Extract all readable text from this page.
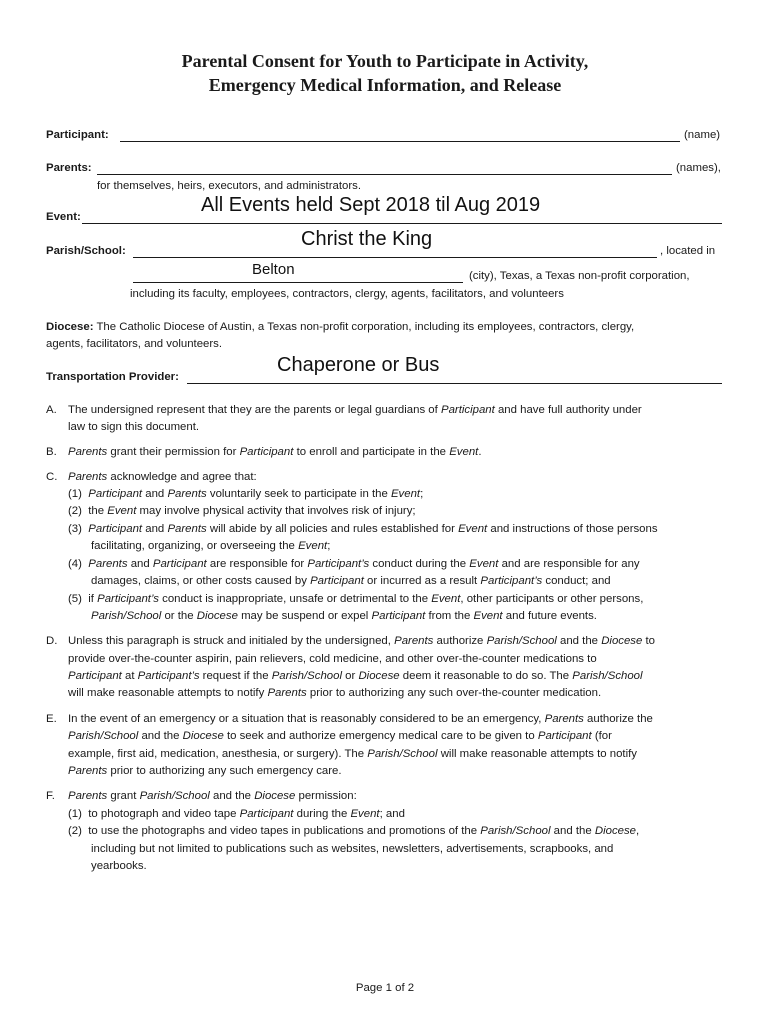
Parental Consent for Youth to Participate in Activity,
Emergency Medical Information, and Release
Participant:	(name)
Parents:	(names),
for themselves, heirs, executors, and administrators.
Event:
All Events held Sept 2018 til Aug 2019
Parish/School:
Christ the King
, located in
Belton	(city), Texas, a Texas non-profit corporation,
including its faculty, employees, contractors, clergy, agents, facilitators, and volunteers
Diocese: The Catholic Diocese of Austin, a Texas non-profit corporation, including its employees, contractors, clergy,
agents, facilitators, and volunteers.
Transportation Provider:
Chaperone or Bus
A. The undersigned represent that they are the parents or legal guardians of Participant and have full authority under
law to sign this document.
B. Parents grant their permission for Participant to enroll and participate in the Event.
C. Parents acknowledge and agree that:
(1)  Participant and Parents voluntarily seek to participate in the Event;
(2)  the Event may involve physical activity that involves risk of injury;
(3)  Participant and Parents will abide by all policies and rules established for Event and instructions of those persons
facilitating, organizing, or overseeing the Event;
(4)  Parents and Participant are responsible for Participant’s conduct during the Event and are responsible for any
damages, claims, or other costs caused by Participant or incurred as a result Participant’s conduct; and
(5)  if Participant’s conduct is inappropriate, unsafe or detrimental to the Event, other participants or other persons,
Parish/School or the Diocese may be suspend or expel Participant from the Event and future events.
D. Unless this paragraph is struck and initialed by the undersigned, Parents authorize Parish/School and the Diocese to
provide over-the-counter aspirin, pain relievers, cold medicine, and other over-the-counter medications to
Participant at Participant’s request if the Parish/School or Diocese deem it reasonable to do so. The Parish/School
will make reasonable attempts to notify Parents prior to authorizing any such over-the-counter medication.
E. In the event of an emergency or a situation that is reasonably considered to be an emergency, Parents authorize the
Parish/School and the Diocese to seek and authorize emergency medical care to be given to Participant (for
example, first aid, medication, anesthesia, or surgery). The Parish/School will make reasonable attempts to notify
Parents prior to authorizing any such emergency care.
F. Parents grant Parish/School and the Diocese permission:
(1)  to photograph and video tape Participant during the Event; and
(2)  to use the photographs and video tapes in publications and promotions of the Parish/School and the Diocese,
including but not limited to publications such as websites, newsletters, advertisements, scrapbooks, and
yearbooks.
Page 1 of 2
